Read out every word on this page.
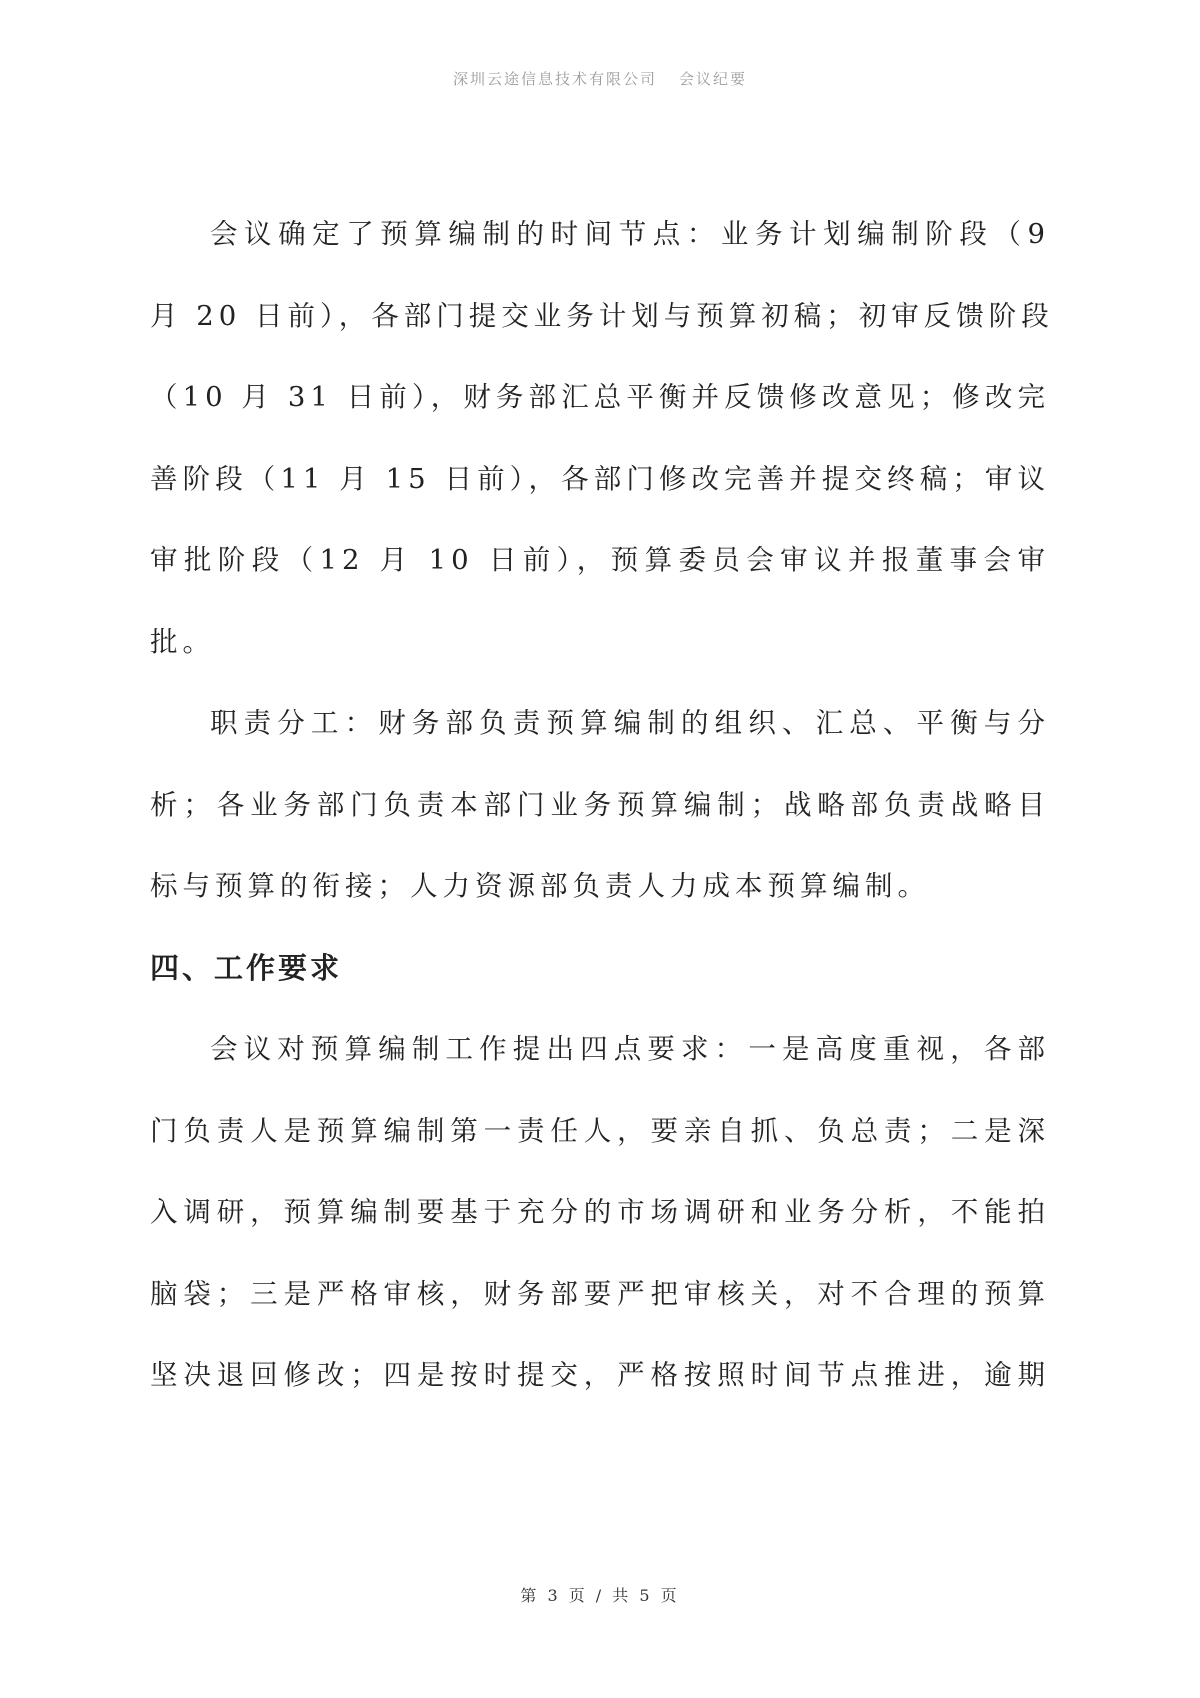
深圳云途信息技术有限公司 会议纪要
会议确定了预算编制的时间节点：业务计划编制阶段（9
月 20 日前），各部门提交业务计划与预算初稿；初审反馈阶段
（10 月 31 日前），财务部汇总平衡并反馈修改意见；修改完
善阶段（11 月 15 日前），各部门修改完善并提交终稿；审议
审批阶段（12 月 10 日前），预算委员会审议并报董事会审
批。
职责分工：财务部负责预算编制的组织、汇总、平衡与分
析；各业务部门负责本部门业务预算编制；战略部负责战略目
标与预算的衔接；人力资源部负责人力成本预算编制。
四、工作要求
会议对预算编制工作提出四点要求：一是高度重视，各部
门负责人是预算编制第一责任人，要亲自抓、负总责；二是深
入调研，预算编制要基于充分的市场调研和业务分析，不能拍
脑袋；三是严格审核，财务部要严把审核关，对不合理的预算
坚决退回修改；四是按时提交，严格按照时间节点推进，逾期
第 3 页 / 共 5 页
